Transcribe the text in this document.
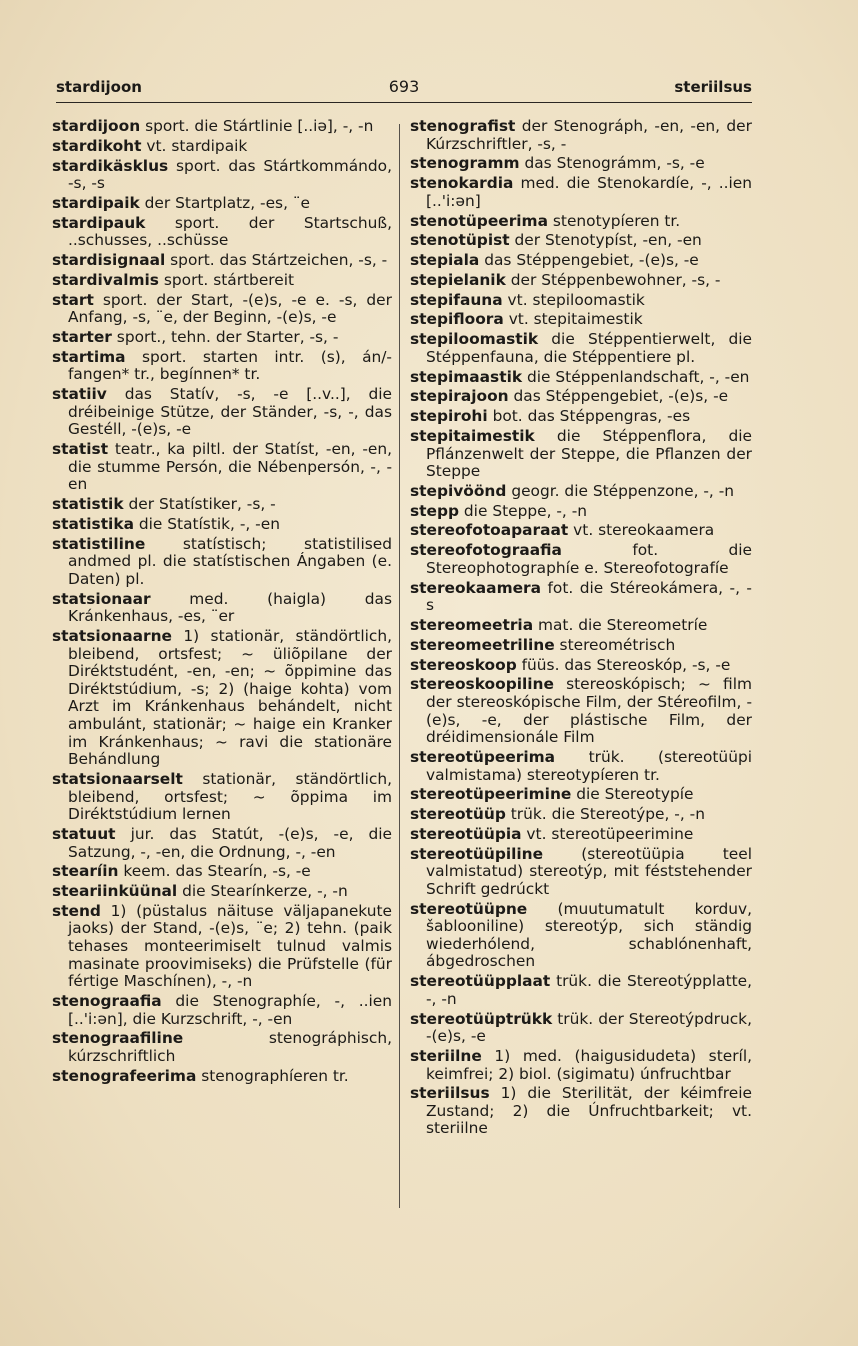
stardijoon	693	steriilsus
stardijoon sport. die Stártlinie [..iə], -, -n
stardikoht vt. stardipaik
stardikäsklus sport. das Stártkommándo, -s, -s
stardipaik der Startplatz, -es, ¨e
stardipauk sport. der Startschuß, ..schusses, ..schüsse
stardisignaal sport. das Stártzeichen, -s, -
stardivalmis sport. stártbereit
start sport. der Start, -(e)s, -e e. -s, der Anfang, -s, ¨e, der Beginn, -(e)s, -e
starter sport., tehn. der Starter, -s, -
startima sport. starten intr. (s), án/-fangen* tr., begínnen* tr.
statiiv das Statív, -s, -e [..v..], die dréibeinige Stütze, der Ständer, -s, -, das Gestéll, -(e)s, -e
statist teatr., ka piltl. der Statíst, -en, -en, die stumme Persón, die Nébenpersón, -, -en
statistik der Statístiker, -s, -
statistika die Statístik, -, -en
statistiline statístisch; statistilised andmed pl. die statístischen Ángaben (e. Daten) pl.
statsionaar	med. (haigla) das Kránkenhaus, -es, ¨er
statsionaarne 1) stationär, ständörtlich, bleibend, ortsfest; ~ üliõpilane der Diréktstudént, -en, -en; ~ õppimine das Diréktstúdium, -s; 2) (haige kohta) vom Arzt im Kránkenhaus behándelt, nicht ambulánt, stationär; ~ haige ein Kranker im Kránkenhaus; ~ ravi die stationäre Behándlung
statsionaarselt stationär, ständörtlich, bleibend, ortsfest; ~ õppima im Diréktstúdium lernen
statuut jur. das Statút, -(e)s, -e, die Satzung, -, -en, die Ordnung, -, -en
stearíin keem. das Stearín, -s, -e
steariinküünal die Stearínkerze, -, -n
stend 1) (püstalus näituse väljapanekute jaoks) der Stand, -(e)s, ¨e; 2) tehn. (paik tehases monteerimiselt tulnud valmis masinate proovimiseks) die Prüfstelle (für fértige Maschínen), -, -n
stenograafia die Stenographíe, -, ..ien [..'i:ən], die Kurzschrift, -, -en
stenograafiline	stenográphisch, kúrzschriftlich
stenografeerima stenographíeren tr.
stenografist der Stenográph, -en, -en, der Kúrzschriftler, -s, -
stenogramm das Stenográmm, -s, -e
stenokardia med. die Stenokardíe, -, ..ien [..'i:ən]
stenotüpeerima stenotypíeren tr.
stenotüpist der Stenotypíst, -en, -en
stepiala das Stéppengebiet, -(e)s, -e
stepielanik der Stéppenbewohner, -s, -
stepifauna vt. stepiloomastik
stepifloora vt. stepitaimestik
stepiloomastik die Stéppentierwelt, die Stéppenfauna, die Stéppentiere pl.
stepimaastik die Stéppenlandschaft, -, -en
stepirajoon das Stéppengebiet, -(e)s, -e
stepirohi bot. das Stéppengras, -es
stepitaimestik die Stéppenflora, die Pflánzenwelt der Steppe, die Pflanzen der Steppe
stepivöönd geogr. die Stéppenzone, -, -n
stepp die Steppe, -, -n
stereofotoaparaat vt. stereokaamera
stereofotograafia	fot. die Stereophotographíe e. Stereofotografíe
stereokaamera fot. die Stéreokámera, -, -s
stereomeetria mat. die Stereometríe
stereomeetriline stereométrisch
stereoskoop füüs. das Stereoskóp, -s, -e
stereoskoopiline stereoskópisch; ~ film der stereoskópische Film, der Stéreofilm, -(e)s, -e, der plástische Film, der dréidimensionále Film
stereotüpeerima trük. (stereotüüpi valmistama) stereotypíeren tr.
stereotüpeerimine die Stereotypíe
stereotüüp trük. die Stereotýpe, -, -n
stereotüüpia vt. stereotüpeerimine
stereotüüpiline (stereotüüpia teel valmistatud) stereotýp, mit féststehender Schrift gedrúckt
stereotüüpne (muutumatult korduv, šablooniline) stereotýp, sich ständig wiederhólend, schablónenhaft, ábgedroschen
stereotüüpplaat trük. die Stereotýpplatte, -, -n
stereotüüptrükk trük. der Stereotýpdruck, -(e)s, -e
steriilne 1) med. (haigusidudeta) steríl, keimfrei; 2) biol. (sigimatu) únfruchtbar
steriilsus 1) die Sterilität, der kéimfreie Zustand; 2) die Únfruchtbarkeit; vt. steriilne
